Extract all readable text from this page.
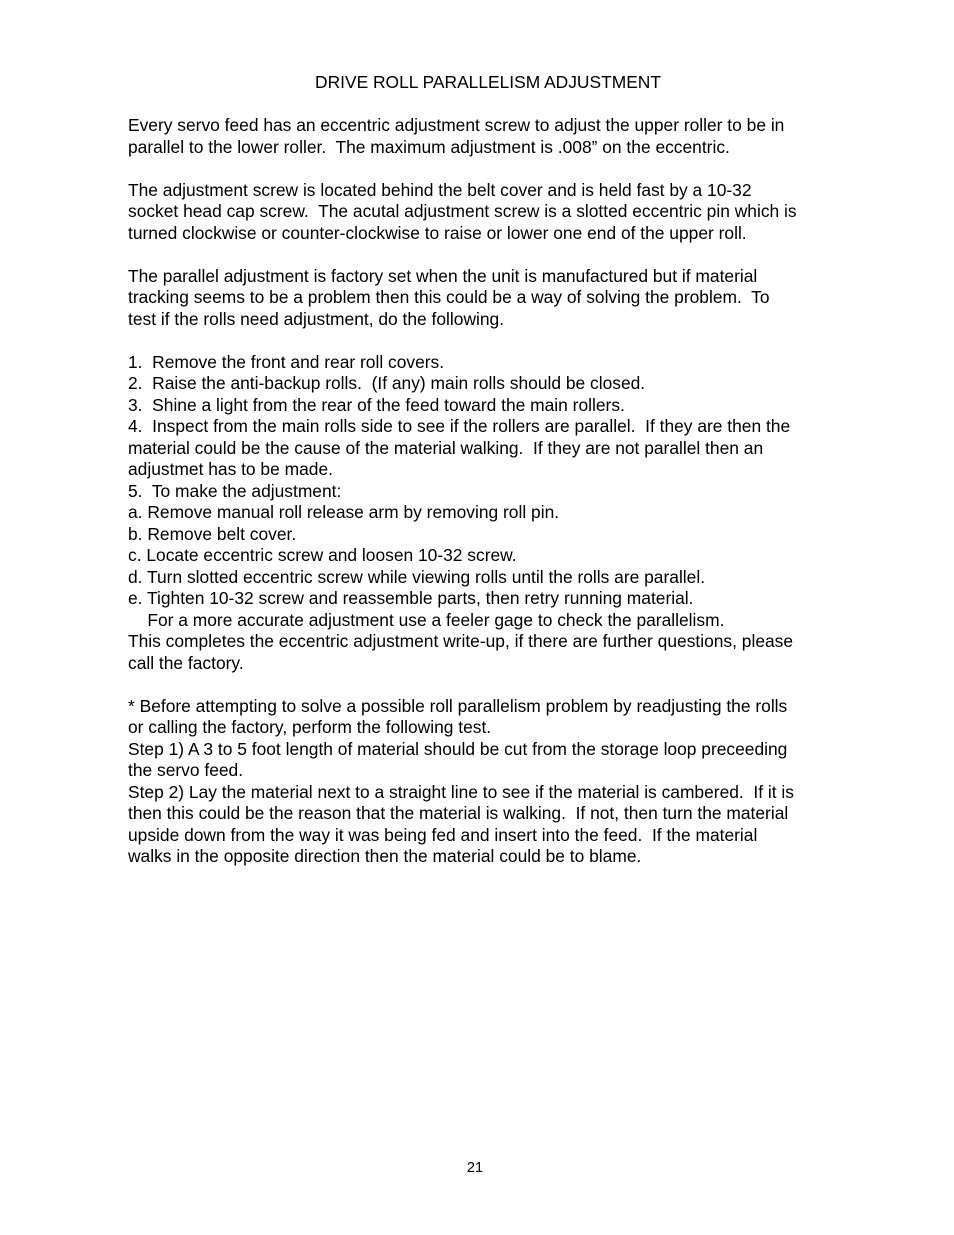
DRIVE ROLL PARALLELISM ADJUSTMENT
Every servo feed has an eccentric adjustment screw to adjust the upper roller to be in
parallel to the lower roller.  The maximum adjustment is .008” on the eccentric.
The adjustment screw is located behind the belt cover and is held fast by a 10-32
socket head cap screw.  The acutal adjustment screw is a slotted eccentric pin which is
turned clockwise or counter-clockwise to raise or lower one end of the upper roll.
The parallel adjustment is factory set when the unit is manufactured but if material
tracking seems to be a problem then this could be a way of solving the problem.  To
test if the rolls need adjustment, do the following.
1.  Remove the front and rear roll covers.
2.  Raise the anti-backup rolls.  (If any) main rolls should be closed.
3.  Shine a light from the rear of the feed toward the main rollers.
4.  Inspect from the main rolls side to see if the rollers are parallel.  If they are then the
material could be the cause of the material walking.  If they are not parallel then an
adjustmet has to be made.
5.  To make the adjustment:
a. Remove manual roll release arm by removing roll pin.
b. Remove belt cover.
c. Locate eccentric screw and loosen 10-32 screw.
d. Turn slotted eccentric screw while viewing rolls until the rolls are parallel.
e. Tighten 10-32 screw and reassemble parts, then retry running material.
For a more accurate adjustment use a feeler gage to check the parallelism.
This completes the eccentric adjustment write-up, if there are further questions, please
call the factory.
* Before attempting to solve a possible roll parallelism problem by readjusting the rolls
or calling the factory, perform the following test.
Step 1) A 3 to 5 foot length of material should be cut from the storage loop preceeding
the servo feed.
Step 2) Lay the material next to a straight line to see if the material is cambered.  If it is
then this could be the reason that the material is walking.  If not, then turn the material
upside down from the way it was being fed and insert into the feed.  If the material
walks in the opposite direction then the material could be to blame.
21
